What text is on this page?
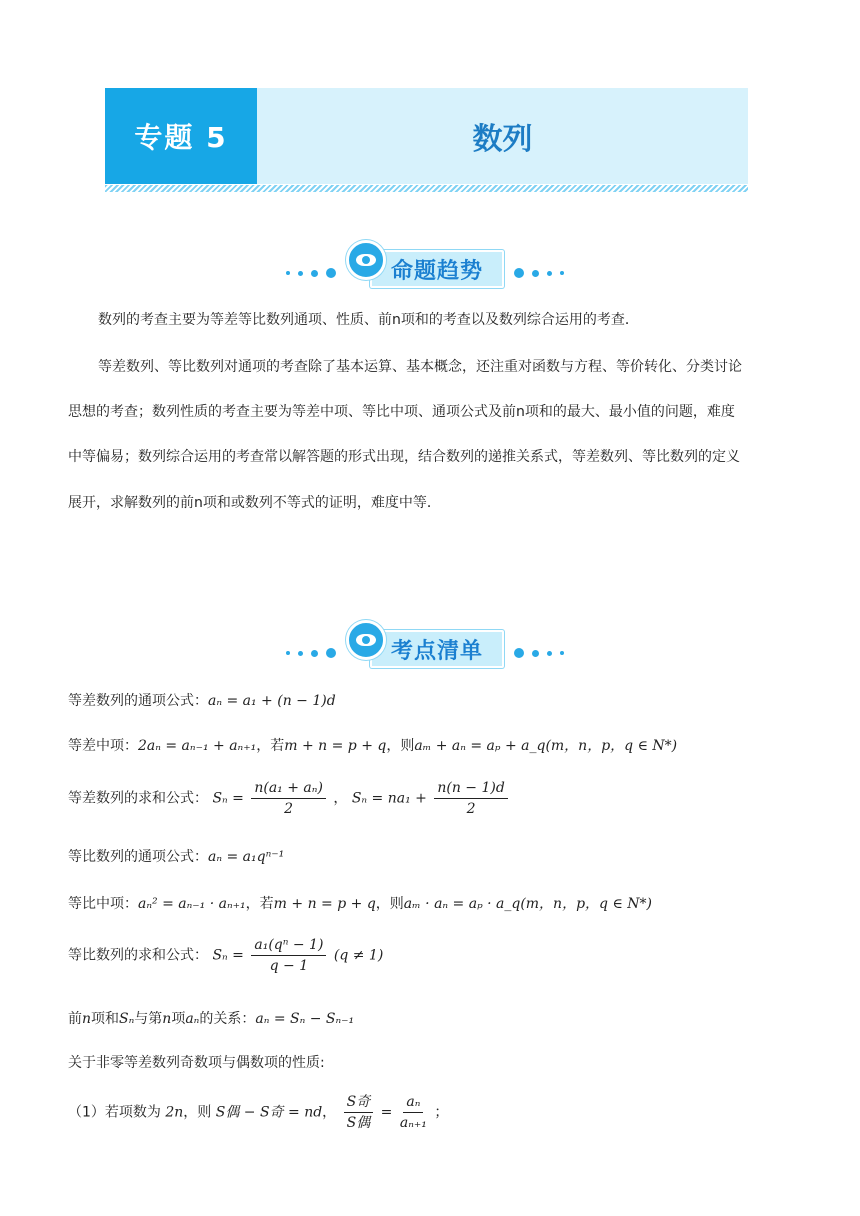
专题 5	数列
命题趋势
数列的考查主要为等差等比数列通项、性质、前n项和的考查以及数列综合运用的考查．
等差数列、等比数列对通项的考查除了基本运算、基本概念，还注重对函数与方程、等价转化、分类讨论
思想的考查；数列性质的考查主要为等差中项、等比中项、通项公式及前n项和的最大、最小值的问题，难度
中等偏易；数列综合运用的考查常以解答题的形式出现，结合数列的递推关系式，等差数列、等比数列的定义
展开，求解数列的前n项和或数列不等式的证明，难度中等．
考点清单
等差数列的通项公式：aₙ = a₁ + (n − 1)d
等差中项：2aₙ = aₙ₋₁ + aₙ₊₁，若m + n = p + q，则aₘ + aₙ = aₚ + a_q(m，n，p，q ∈ N*)
等差数列的求和公式： $S_n = \frac{\text{n(a₁ + aₙ)}}{2}$ ， $S_n = na_1 + \frac{n(n - 1)d}{2}$
等比数列的通项公式：aₙ = a₁qⁿ⁻¹
等比中项：aₙ² = aₙ₋₁ · aₙ₊₁，若m + n = p + q，则aₘ · aₙ = aₚ · a_q(m，n，p，q ∈ N*)
等比数列的求和公式： $S_n = \frac{\text{a₁(qⁿ − 1)}}{q - 1} (q \ne 1)$
前n项和Sₙ与第n项aₙ的关系：aₙ = Sₙ − Sₙ₋₁
关于非零等差数列奇数项与偶数项的性质:
（1）若项数为 2n，则 S偶 − S奇 = nd， $\frac{\text{S奇}}{\text{S偶}} = \frac{\text{aₙ}}{\text{aₙ₊₁}}$ ；
